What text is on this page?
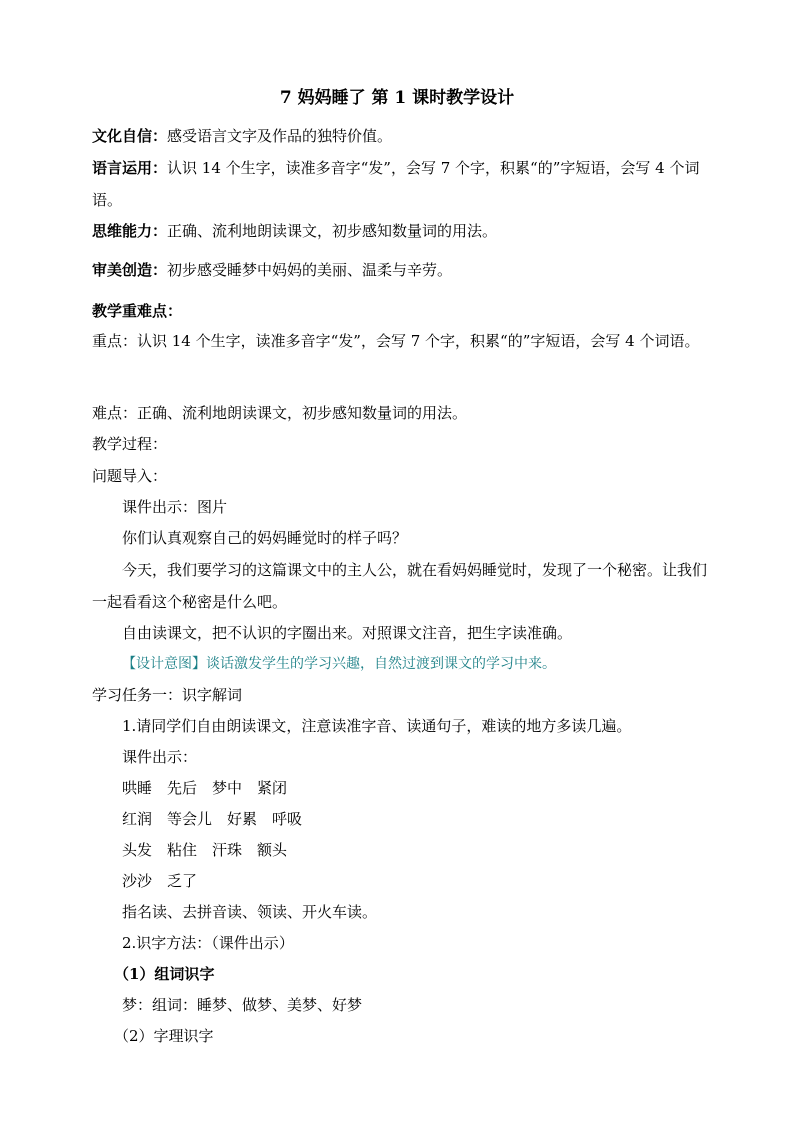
7 妈妈睡了 第 1 课时教学设计
文化自信：感受语言文字及作品的独特价值。
语言运用：认识 14 个生字，读准多音字“发”，会写 7 个字，积累“的”字短语，会写 4 个词语。
思维能力：正确、流利地朗读课文，初步感知数量词的用法。
审美创造：初步感受睡梦中妈妈的美丽、温柔与辛劳。
教学重难点：
重点：认识 14 个生字，读准多音字“发”，会写 7 个字，积累“的”字短语，会写 4 个词语。
难点：正确、流利地朗读课文，初步感知数量词的用法。
教学过程：
问题导入：
课件出示：图片
你们认真观察自己的妈妈睡觉时的样子吗？
今天，我们要学习的这篇课文中的主人公，就在看妈妈睡觉时，发现了一个秘密。让我们一起看看这个秘密是什么吧。
自由读课文，把不认识的字圈出来。对照课文注音，把生字读准确。
【设计意图】谈话激发学生的学习兴趣，自然过渡到课文的学习中来。
学习任务一：识字解词
1.请同学们自由朗读课文，注意读准字音、读通句子，难读的地方多读几遍。
课件出示：
哄睡　先后　梦中　紧闭
红润　等会儿　好累　呼吸
头发　粘住　汗珠　额头
沙沙　乏了
指名读、去拼音读、领读、开火车读。
2.识字方法：（课件出示）
（1）组词识字
梦：组词：睡梦、做梦、美梦、好梦
（2）字理识字
